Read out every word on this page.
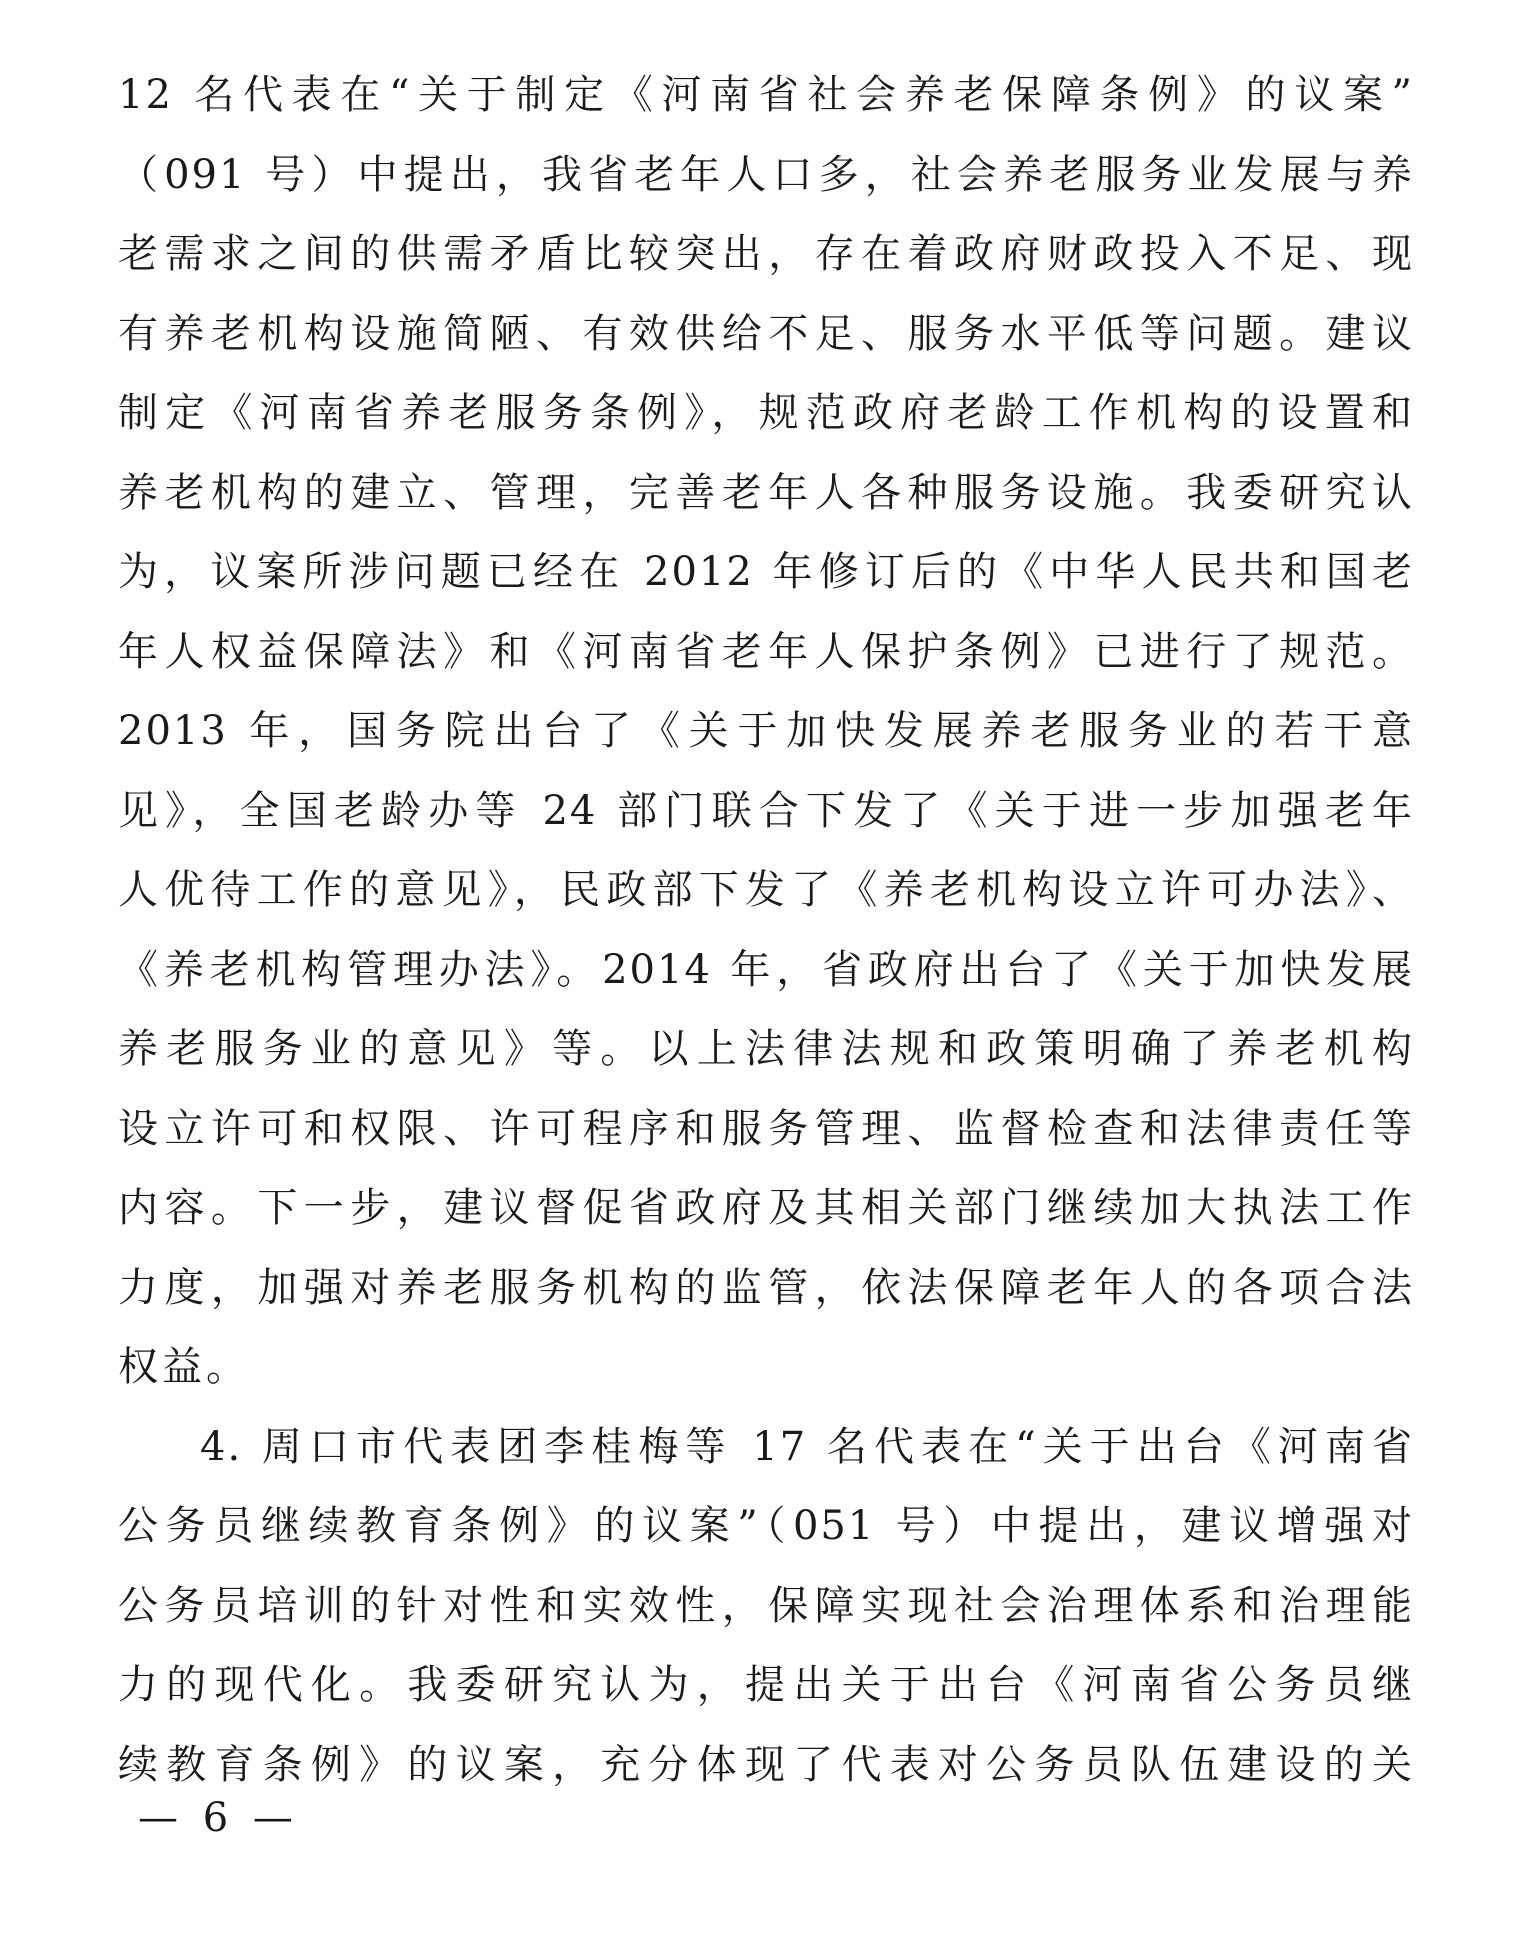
12 名代表在“关于制定《河南省社会养老保障条例》的议案”
（091 号）中提出，我省老年人口多，社会养老服务业发展与养
老需求之间的供需矛盾比较突出，存在着政府财政投入不足、现
有养老机构设施简陋、有效供给不足、服务水平低等问题。建议
制定《河南省养老服务条例》，规范政府老龄工作机构的设置和
养老机构的建立、管理，完善老年人各种服务设施。我委研究认
为，议案所涉问题已经在 2012 年修订后的《中华人民共和国老
年人权益保障法》和《河南省老年人保护条例》已进行了规范。
2013 年，国务院出台了《关于加快发展养老服务业的若干意
见》，全国老龄办等 24 部门联合下发了《关于进一步加强老年
人优待工作的意见》，民政部下发了《养老机构设立许可办法》、
《养老机构管理办法》。2014 年，省政府出台了《关于加快发展
养老服务业的意见》等。以上法律法规和政策明确了养老机构
设立许可和权限、许可程序和服务管理、监督检查和法律责任等
内容。下一步，建议督促省政府及其相关部门继续加大执法工作
力度，加强对养老服务机构的监管，依法保障老年人的各项合法
权益。
4. 周口市代表团李桂梅等 17 名代表在“关于出台《河南省
公务员继续教育条例》的议案”（051 号）中提出，建议增强对
公务员培训的针对性和实效性，保障实现社会治理体系和治理能
力的现代化。我委研究认为，提出关于出台《河南省公务员继
续教育条例》的议案，充分体现了代表对公务员队伍建设的关
— 6 —
